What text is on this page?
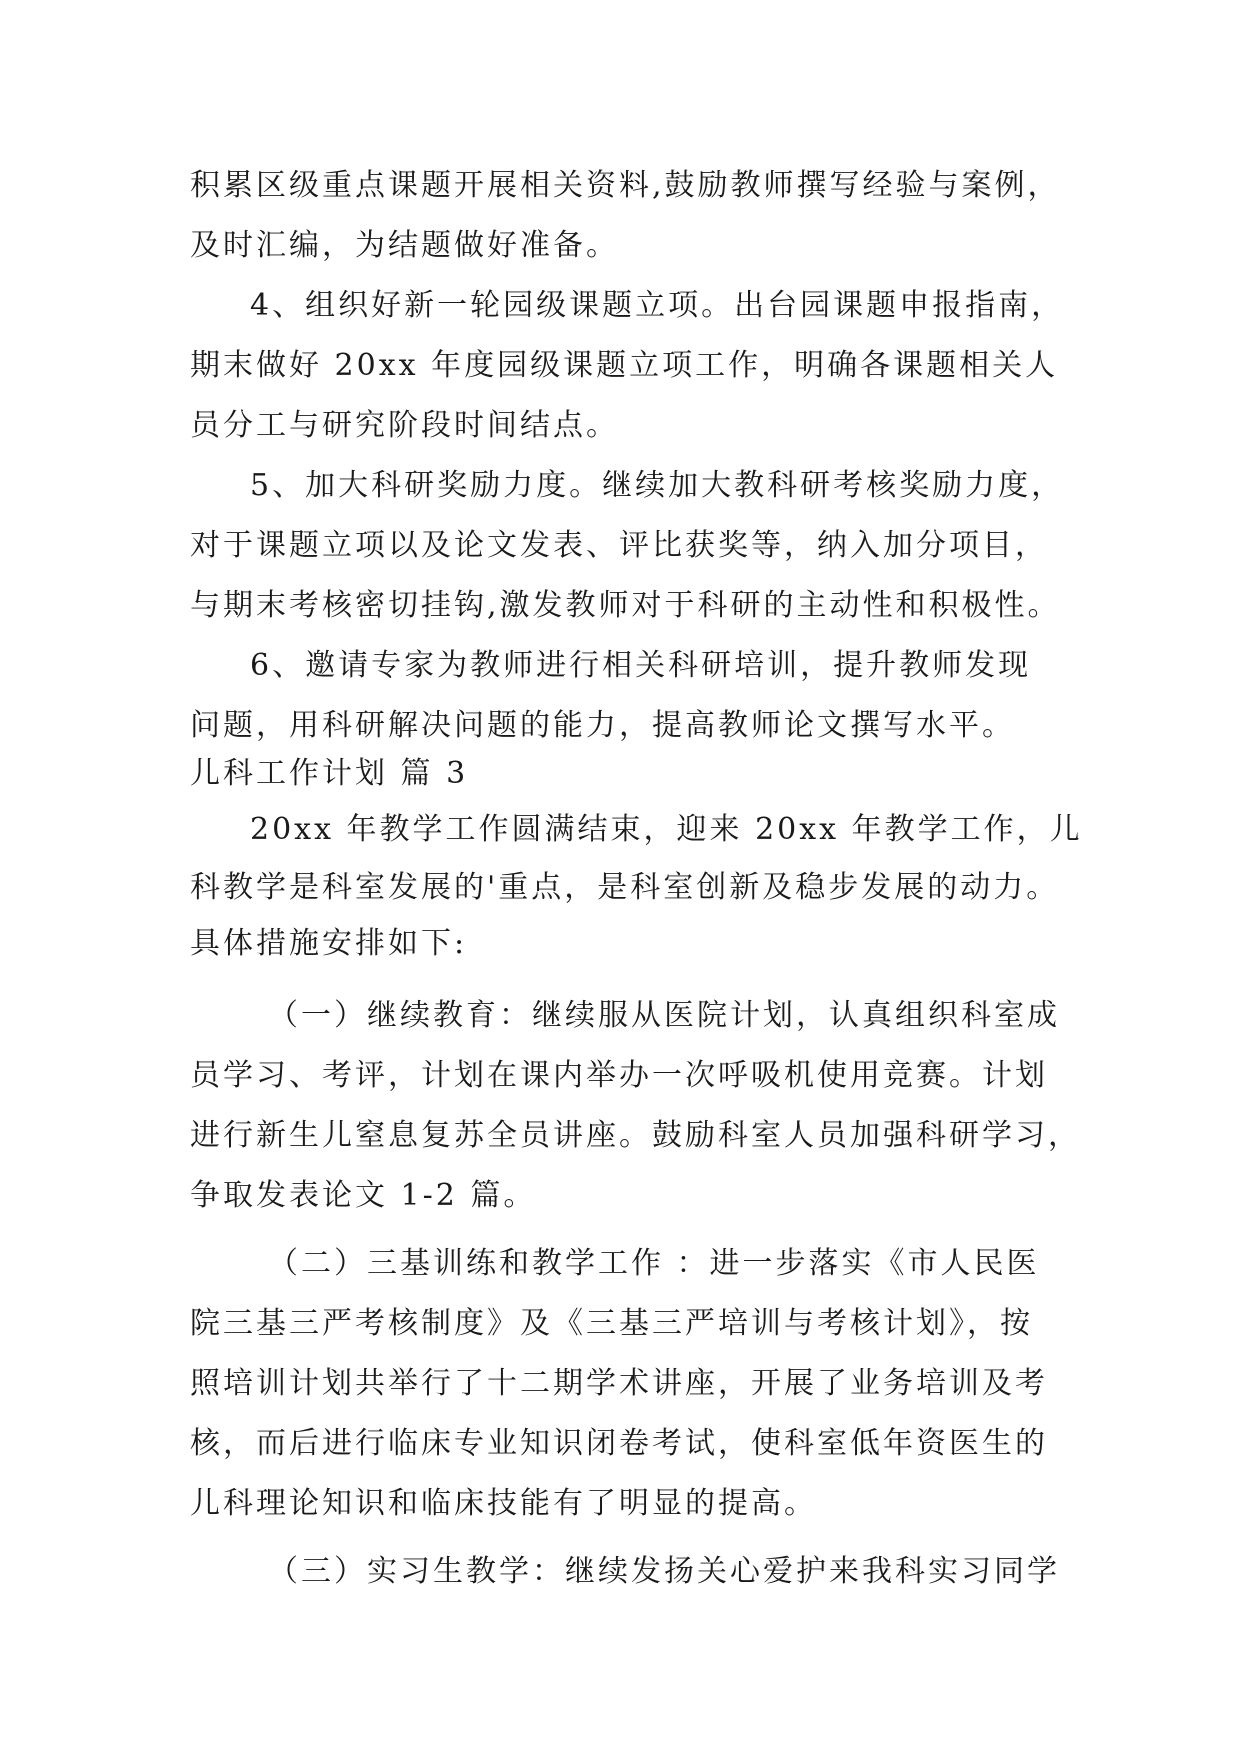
积累区级重点课题开展相关资料,鼓励教师撰写经验与案例，
及时汇编，为结题做好准备。
4、组织好新一轮园级课题立项。出台园课题申报指南，
期末做好 20xx 年度园级课题立项工作，明确各课题相关人
员分工与研究阶段时间结点。
5、加大科研奖励力度。继续加大教科研考核奖励力度，
对于课题立项以及论文发表、评比获奖等，纳入加分项目，
与期末考核密切挂钩,激发教师对于科研的主动性和积极性。
6、邀请专家为教师进行相关科研培训，提升教师发现
问题，用科研解决问题的能力，提高教师论文撰写水平。
儿科工作计划 篇 3
20xx 年教学工作圆满结束，迎来 20xx 年教学工作，儿
科教学是科室发展的'重点，是科室创新及稳步发展的动力。
具体措施安排如下:
（一）继续教育：继续服从医院计划，认真组织科室成
员学习、考评，计划在课内举办一次呼吸机使用竞赛。计划
进行新生儿窒息复苏全员讲座。鼓励科室人员加强科研学习，
争取发表论文 1-2 篇。
（二）三基训练和教学工作 ：进一步落实《市人民医
院三基三严考核制度》及《三基三严培训与考核计划》，按
照培训计划共举行了十二期学术讲座，开展了业务培训及考
核，而后进行临床专业知识闭卷考试，使科室低年资医生的
儿科理论知识和临床技能有了明显的提高。
（三）实习生教学：继续发扬关心爱护来我科实习同学
